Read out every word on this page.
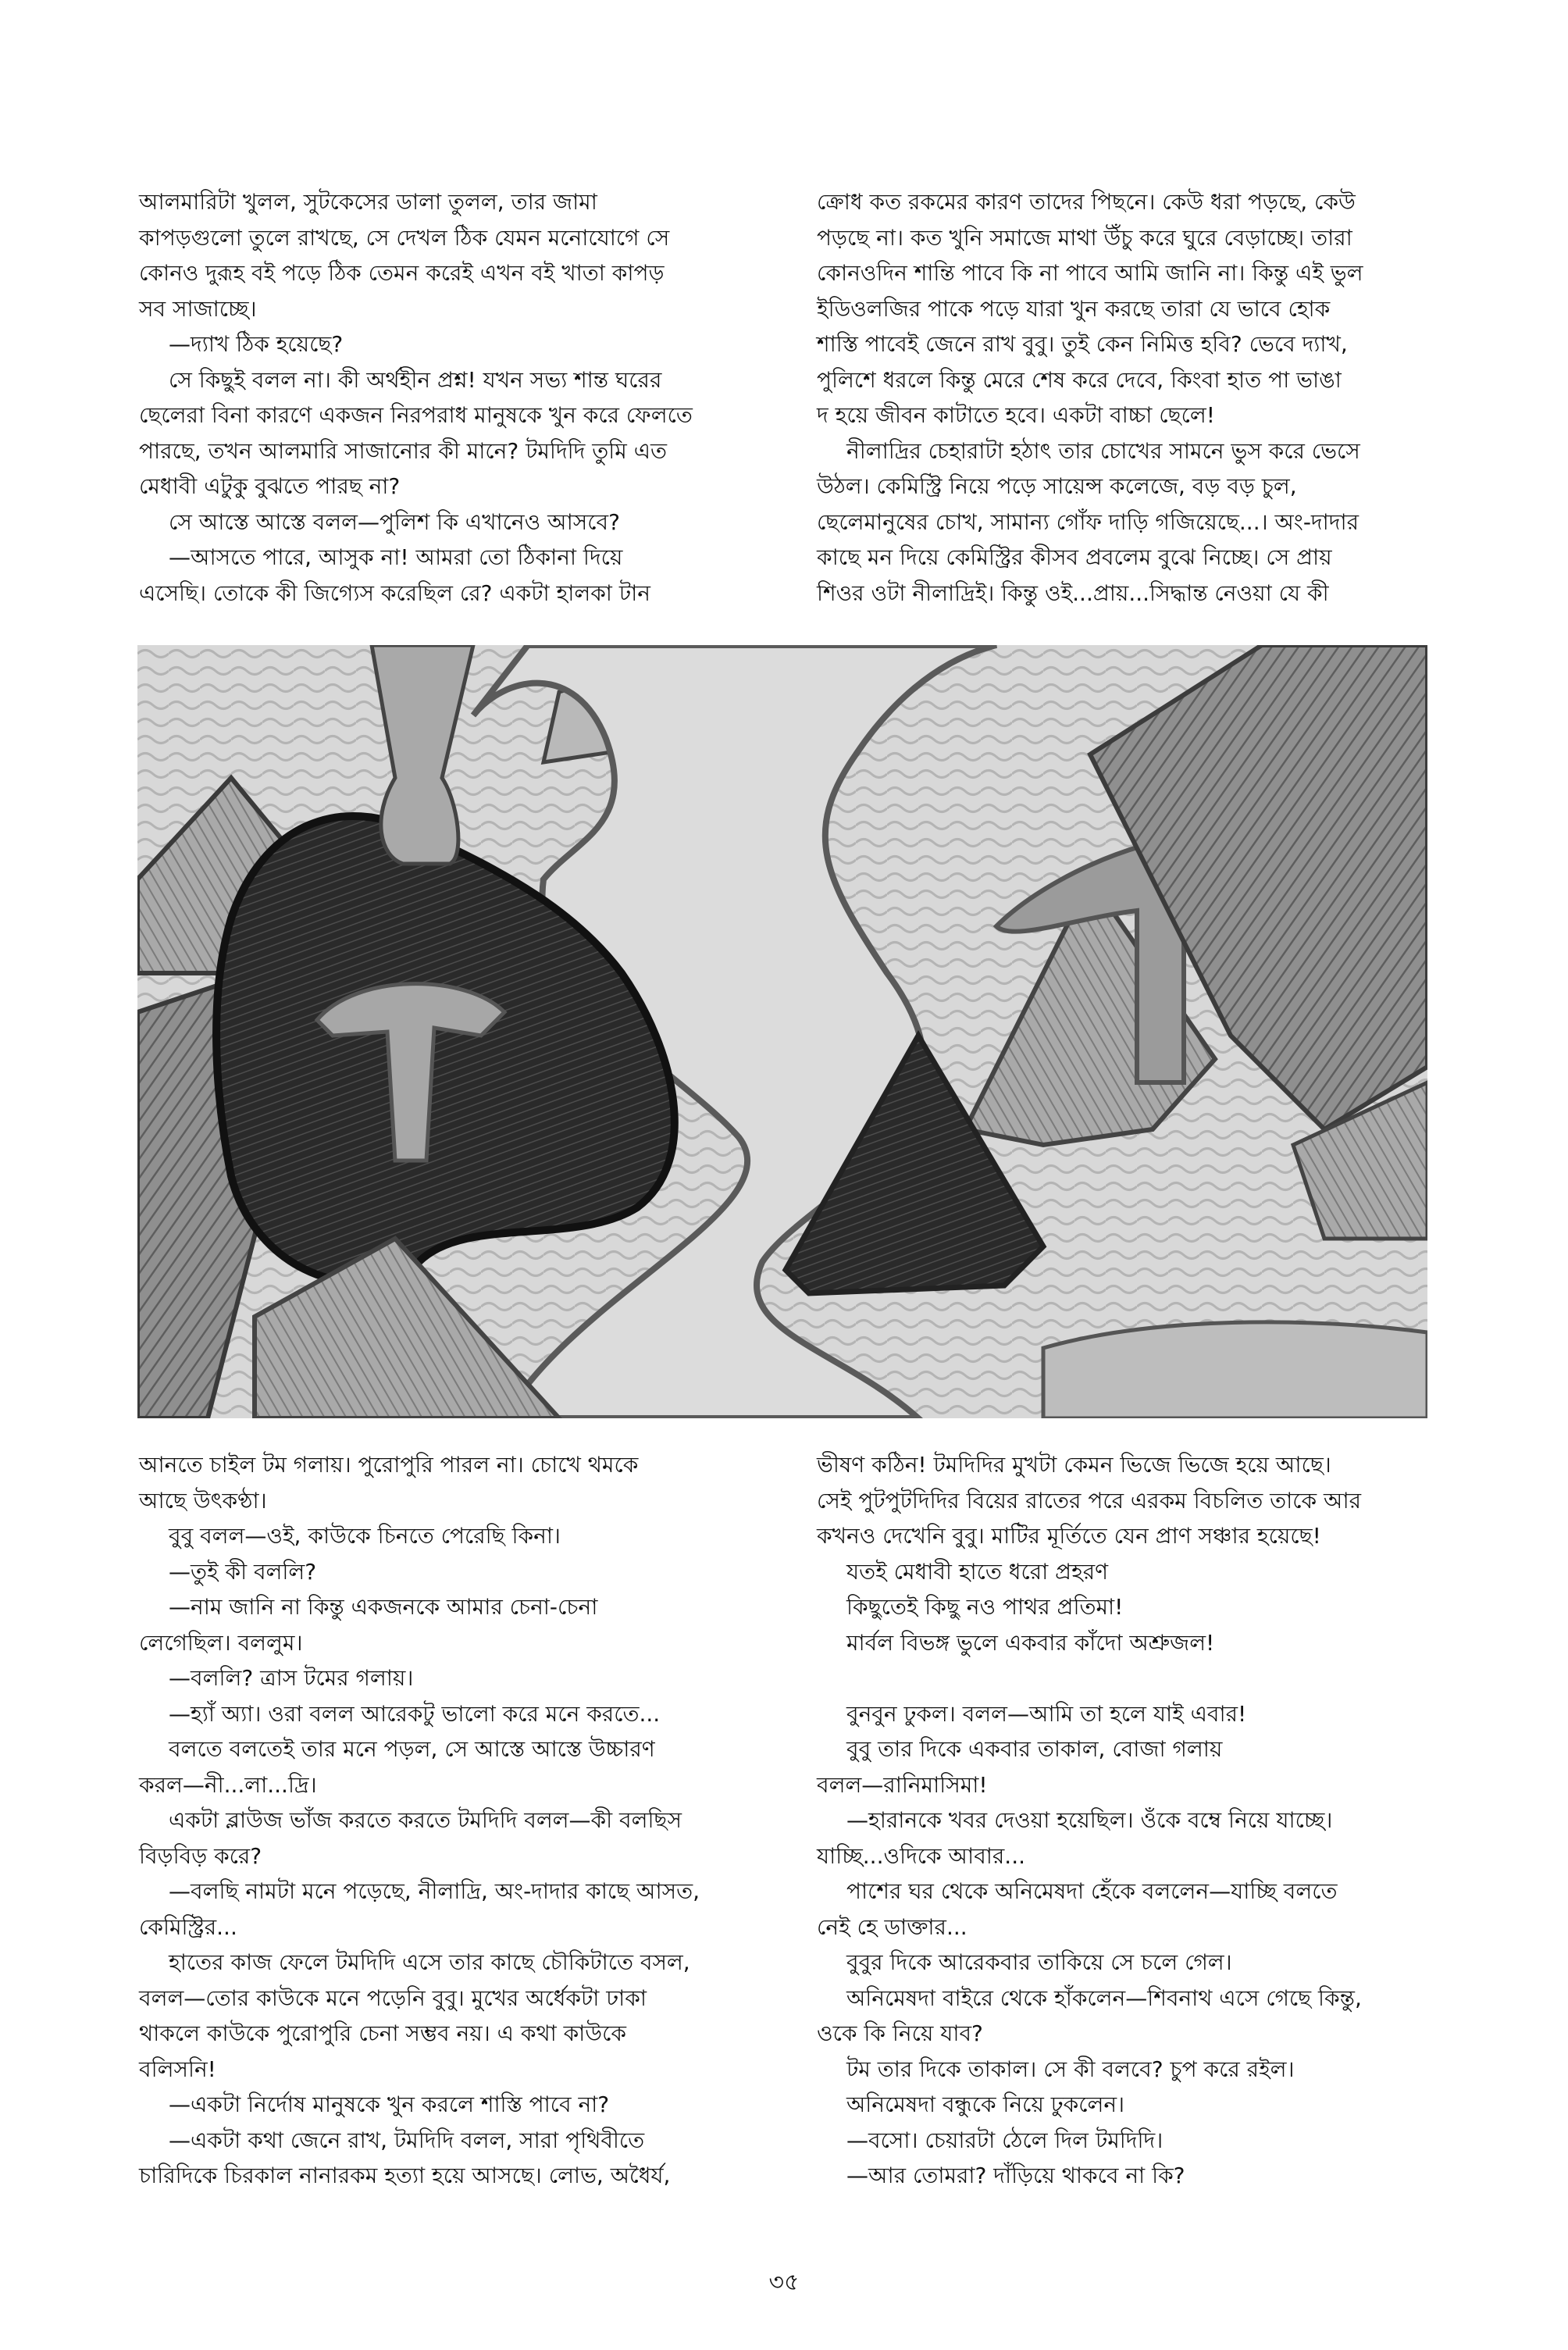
আলমারিটা খুলল, সুটকেসের ডালা তুলল, তার জামা

কাপড়গুলো তুলে রাখছে, সে দেখল ঠিক যেমন মনোযোগে সে

কোনও দুরূহ বই পড়ে ঠিক তেমন করেই এখন বই খাতা কাপড়

সব সাজাচ্ছে।

—দ্যাখ ঠিক হয়েছে?

সে কিছুই বলল না। কী অর্থহীন প্রশ্ন! যখন সভ্য শান্ত ঘরের

ছেলেরা বিনা কারণে একজন নিরপরাধ মানুষকে খুন করে ফেলতে

পারছে, তখন আলমারি সাজানোর কী মানে? টমদিদি তুমি এত

মেধাবী এটুকু বুঝতে পারছ না?

সে আস্তে আস্তে বলল—পুলিশ কি এখানেও আসবে?

—আসতে পারে, আসুক না! আমরা তো ঠিকানা দিয়ে

এসেছি। তোকে কী জিগ্যেস করেছিল রে? একটা হালকা টান

ক্রোধ কত রকমের কারণ তাদের পিছনে। কেউ ধরা পড়ছে, কেউ

পড়ছে না। কত খুনি সমাজে মাথা উঁচু করে ঘুরে বেড়াচ্ছে। তারা

কোনওদিন শান্তি পাবে কি না পাবে আমি জানি না। কিন্তু এই ভুল

ইডিওলজির পাকে পড়ে যারা খুন করছে তারা যে ভাবে হোক

শাস্তি পাবেই জেনে রাখ বুবু। তুই কেন নিমিত্ত হবি? ভেবে দ্যাখ,

পুলিশে ধরলে কিন্তু মেরে শেষ করে দেবে, কিংবা হাত পা ভাঙা

দ হয়ে জীবন কাটাতে হবে। একটা বাচ্চা ছেলে!

নীলাদ্রির চেহারাটা হঠাৎ তার চোখের সামনে ভুস করে ভেসে

উঠল। কেমিস্ট্রি নিয়ে পড়ে সায়েন্স কলেজে, বড় বড় চুল,

ছেলেমানুষের চোখ, সামান্য গোঁফ দাড়ি গজিয়েছে...। অং-দাদার

কাছে মন দিয়ে কেমিস্ট্রির কীসব প্রবলেম বুঝে নিচ্ছে। সে প্রায়

শিওর ওটা নীলাদ্রিই। কিন্তু ওই...প্রায়...সিদ্ধান্ত নেওয়া যে কী

আনতে চাইল টম গলায়। পুরোপুরি পারল না। চোখে থমকে

আছে উৎকণ্ঠা।

বুবু বলল—ওই, কাউকে চিনতে পেরেছি কিনা।

—তুই কী বললি?

—নাম জানি না কিন্তু একজনকে আমার চেনা-চেনা

লেগেছিল। বললুম।

—বললি? ত্রাস টমের গলায়।

—হ্যাঁ অ্যা। ওরা বলল আরেকটু ভালো করে মনে করতে...

বলতে বলতেই তার মনে পড়ল, সে আস্তে আস্তে উচ্চারণ

করল—নী...লা...দ্রি।

একটা ব্লাউজ ভাঁজ করতে করতে টমদিদি বলল—কী বলছিস

বিড়বিড় করে?

—বলছি নামটা মনে পড়েছে, নীলাদ্রি, অং-দাদার কাছে আসত,

কেমিস্ট্রির...

হাতের কাজ ফেলে টমদিদি এসে তার কাছে চৌকিটাতে বসল,

বলল—তোর কাউকে মনে পড়েনি বুবু। মুখের অর্ধেকটা ঢাকা

থাকলে কাউকে পুরোপুরি চেনা সম্ভব নয়। এ কথা কাউকে

বলিসনি!

—একটা নির্দোষ মানুষকে খুন করলে শাস্তি পাবে না?

—একটা কথা জেনে রাখ, টমদিদি বলল, সারা পৃথিবীতে

চারিদিকে চিরকাল নানারকম হত্যা হয়ে আসছে। লোভ, অধৈর্য,

ভীষণ কঠিন! টমদিদির মুখটা কেমন ভিজে ভিজে হয়ে আছে।

সেই পুটপুটদিদির বিয়ের রাতের পরে এরকম বিচলিত তাকে আর

কখনও দেখেনি বুবু। মাটির মূর্তিতে যেন প্রাণ সঞ্চার হয়েছে!

যতই মেধাবী হাতে ধরো প্রহরণ

কিছুতেই কিছু নও পাথর প্রতিমা!

মার্বল বিভঙ্গ ভুলে একবার কাঁদো অশ্রুজল!

বুনবুন ঢুকল। বলল—আমি তা হলে যাই এবার!

বুবু তার দিকে একবার তাকাল, বোজা গলায়

বলল—রানিমাসিমা!

—হারানকে খবর দেওয়া হয়েছিল। ওঁকে বম্বে নিয়ে যাচ্ছে।

যাচ্ছি...ওদিকে আবার...

পাশের ঘর থেকে অনিমেষদা হেঁকে বললেন—যাচ্ছি বলতে

নেই হে ডাক্তার...

বুবুর দিকে আরেকবার তাকিয়ে সে চলে গেল।

অনিমেষদা বাইরে থেকে হাঁকলেন—শিবনাথ এসে গেছে কিন্তু,

ওকে কি নিয়ে যাব?

টম তার দিকে তাকাল। সে কী বলবে? চুপ করে রইল।

অনিমেষদা বন্ধুকে নিয়ে ঢুকলেন।

—বসো। চেয়ারটা ঠেলে দিল টমদিদি।

—আর তোমরা? দাঁড়িয়ে থাকবে না কি?

৩৫
